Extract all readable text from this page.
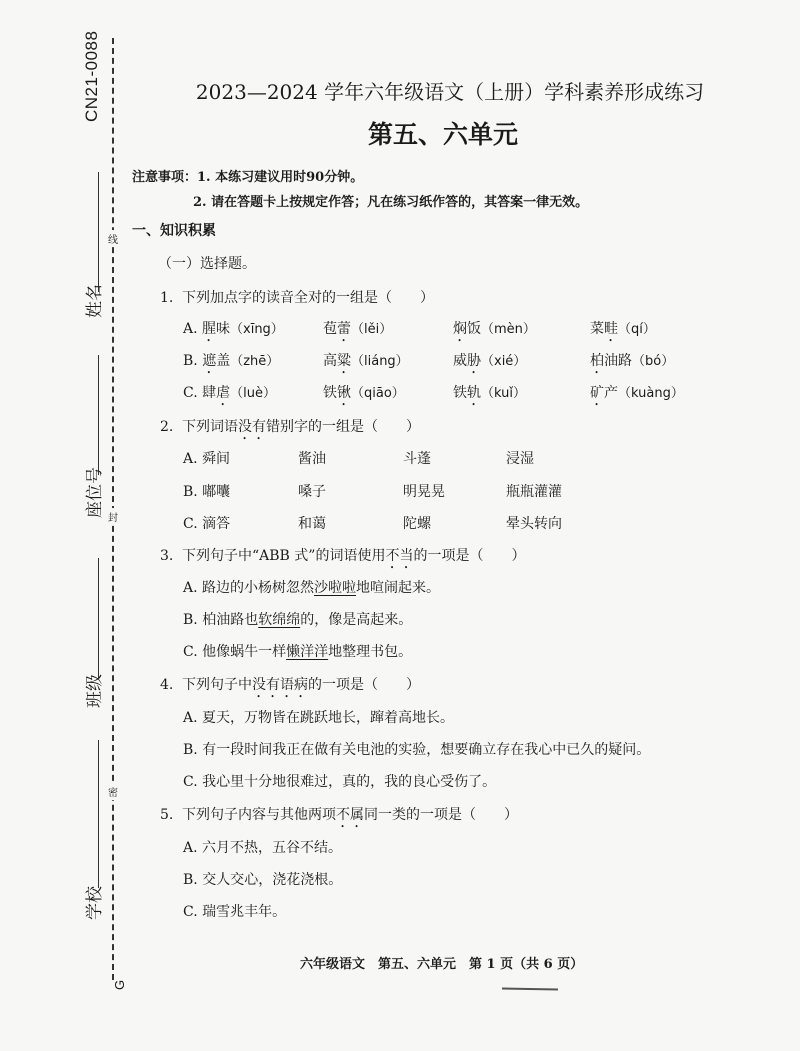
CN21-0088
姓名
座位号
班级
学校
线
封
密
G
2023—2024 学年六年级语文（上册）学科素养形成练习
第五、六单元
注意事项：1. 本练习建议用时90分钟。
2. 请在答题卡上按规定作答；凡在练习纸作答的，其答案一律无效。
一、知识积累
（一）选择题。
1. 下列加点字的读音全对的一组是（ ）
A. 腥味（xīng）	苞蕾（lěi）	焖饭（mèn）	菜畦（qí）
B. 遮盖（zhē）	高粱（liáng）	威胁（xié）	柏油路（bó）
C. 肆虐（luè）	铁锹（qiāo）	铁轨（kuǐ）	矿产（kuàng）
2. 下列词语没有错别字的一组是（ ）
A. 舜间	酱油	斗蓬	浸湿
B. 嘟囔	嗓子	明晃晃	瓶瓶灌灌
C. 滴答	和蔼	陀螺	晕头转向
3. 下列句子中“ABB 式”的词语使用不当的一项是（ ）
A. 路边的小杨树忽然沙啦啦地喧闹起来。
B. 柏油路也软绵绵的，像是高起来。
C. 他像蜗牛一样懒洋洋地整理书包。
4. 下列句子中没有语病的一项是（ ）
A. 夏天，万物皆在跳跃地长，蹿着高地长。
B. 有一段时间我正在做有关电池的实验，想要确立存在我心中已久的疑问。
C. 我心里十分地很难过，真的，我的良心受伤了。
5. 下列句子内容与其他两项不属同一类的一项是（ ）
A. 六月不热，五谷不结。
B. 交人交心，浇花浇根。
C. 瑞雪兆丰年。
六年级语文　第五、六单元　第 1 页（共 6 页）
